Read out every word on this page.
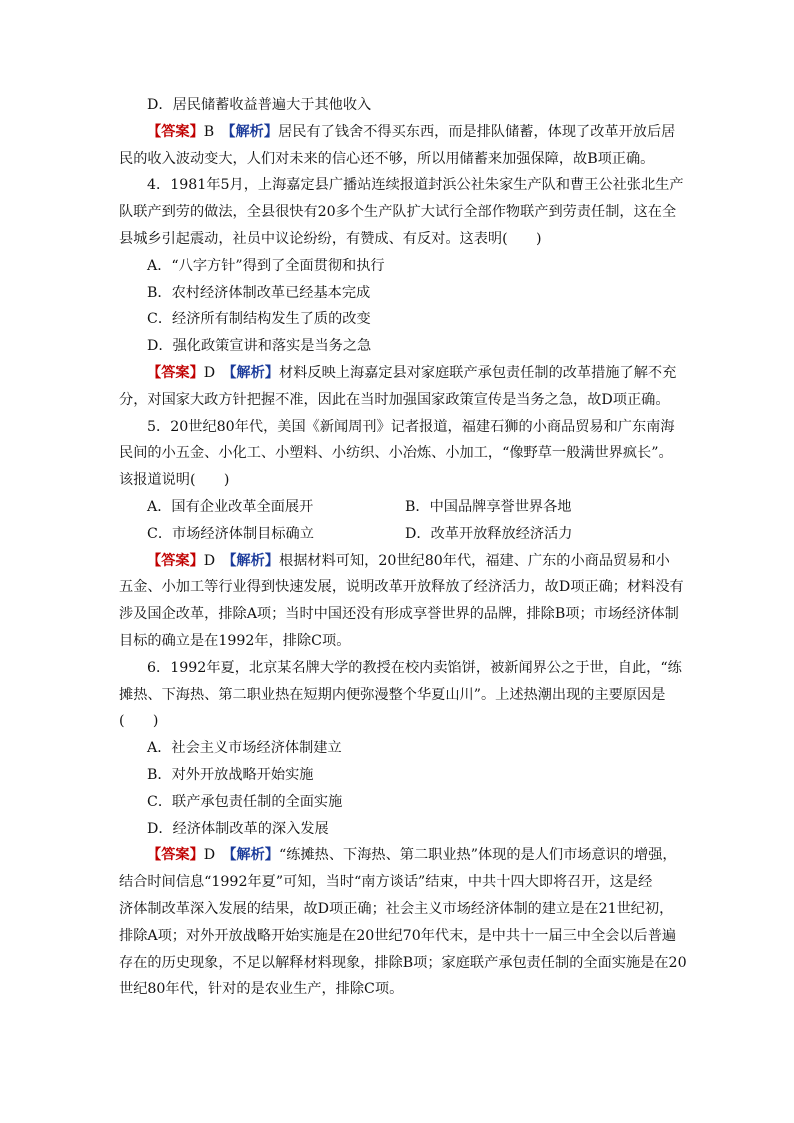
D．居民储蓄收益普遍大于其他收入
【答案】B　 【解析】居民有了钱舍不得买东西，而是排队储蓄，体现了改革开放后居
民的收入波动变大，人们对未来的信心还不够，所以用储蓄来加强保障，故B项正确。
4．1981年5月，上海嘉定县广播站连续报道封浜公社朱家生产队和曹王公社张北生产
队联产到劳的做法，全县很快有20多个生产队扩大试行全部作物联产到劳责任制，这在全
县城乡引起震动，社员中议论纷纷，有赞成、有反对。这表明(　　)
A．“八字方针”得到了全面贯彻和执行
B．农村经济体制改革已经基本完成
C．经济所有制结构发生了质的改变
D．强化政策宣讲和落实是当务之急
【答案】D　 【解析】材料反映上海嘉定县对家庭联产承包责任制的改革措施了解不充
分，对国家大政方针把握不准，因此在当时加强国家政策宣传是当务之急，故D项正确。
5．20世纪80年代，美国《新闻周刊》记者报道，福建石狮的小商品贸易和广东南海
民间的小五金、小化工、小塑料、小纺织、小冶炼、小加工，“像野草一般满世界疯长”。
该报道说明(　　)
A．国有企业改革全面展开	B．中国品牌享誉世界各地
C．市场经济体制目标确立	D．改革开放释放经济活力
【答案】D　 【解析】根据材料可知，20世纪80年代，福建、广东的小商品贸易和小
五金、小加工等行业得到快速发展，说明改革开放释放了经济活力，故D项正确；材料没有
涉及国企改革，排除A项；当时中国还没有形成享誉世界的品牌，排除B项；市场经济体制
目标的确立是在1992年，排除C项。
6．1992年夏，北京某名牌大学的教授在校内卖馅饼，被新闻界公之于世，自此，“练
摊热、下海热、第二职业热在短期内便弥漫整个华夏山川”。上述热潮出现的主要原因是
(　　)
A．社会主义市场经济体制建立
B．对外开放战略开始实施
C．联产承包责任制的全面实施
D．经济体制改革的深入发展
【答案】D　 【解析】“练摊热、下海热、第二职业热”体现的是人们市场意识的增强，
结合时间信息“1992年夏”可知，当时“南方谈话”结束，中共十四大即将召开，这是经
济体制改革深入发展的结果，故D项正确；社会主义市场经济体制的建立是在21世纪初，
排除A项；对外开放战略开始实施是在20世纪70年代末，是中共十一届三中全会以后普遍
存在的历史现象，不足以解释材料现象，排除B项；家庭联产承包责任制的全面实施是在20
世纪80年代，针对的是农业生产，排除C项。
